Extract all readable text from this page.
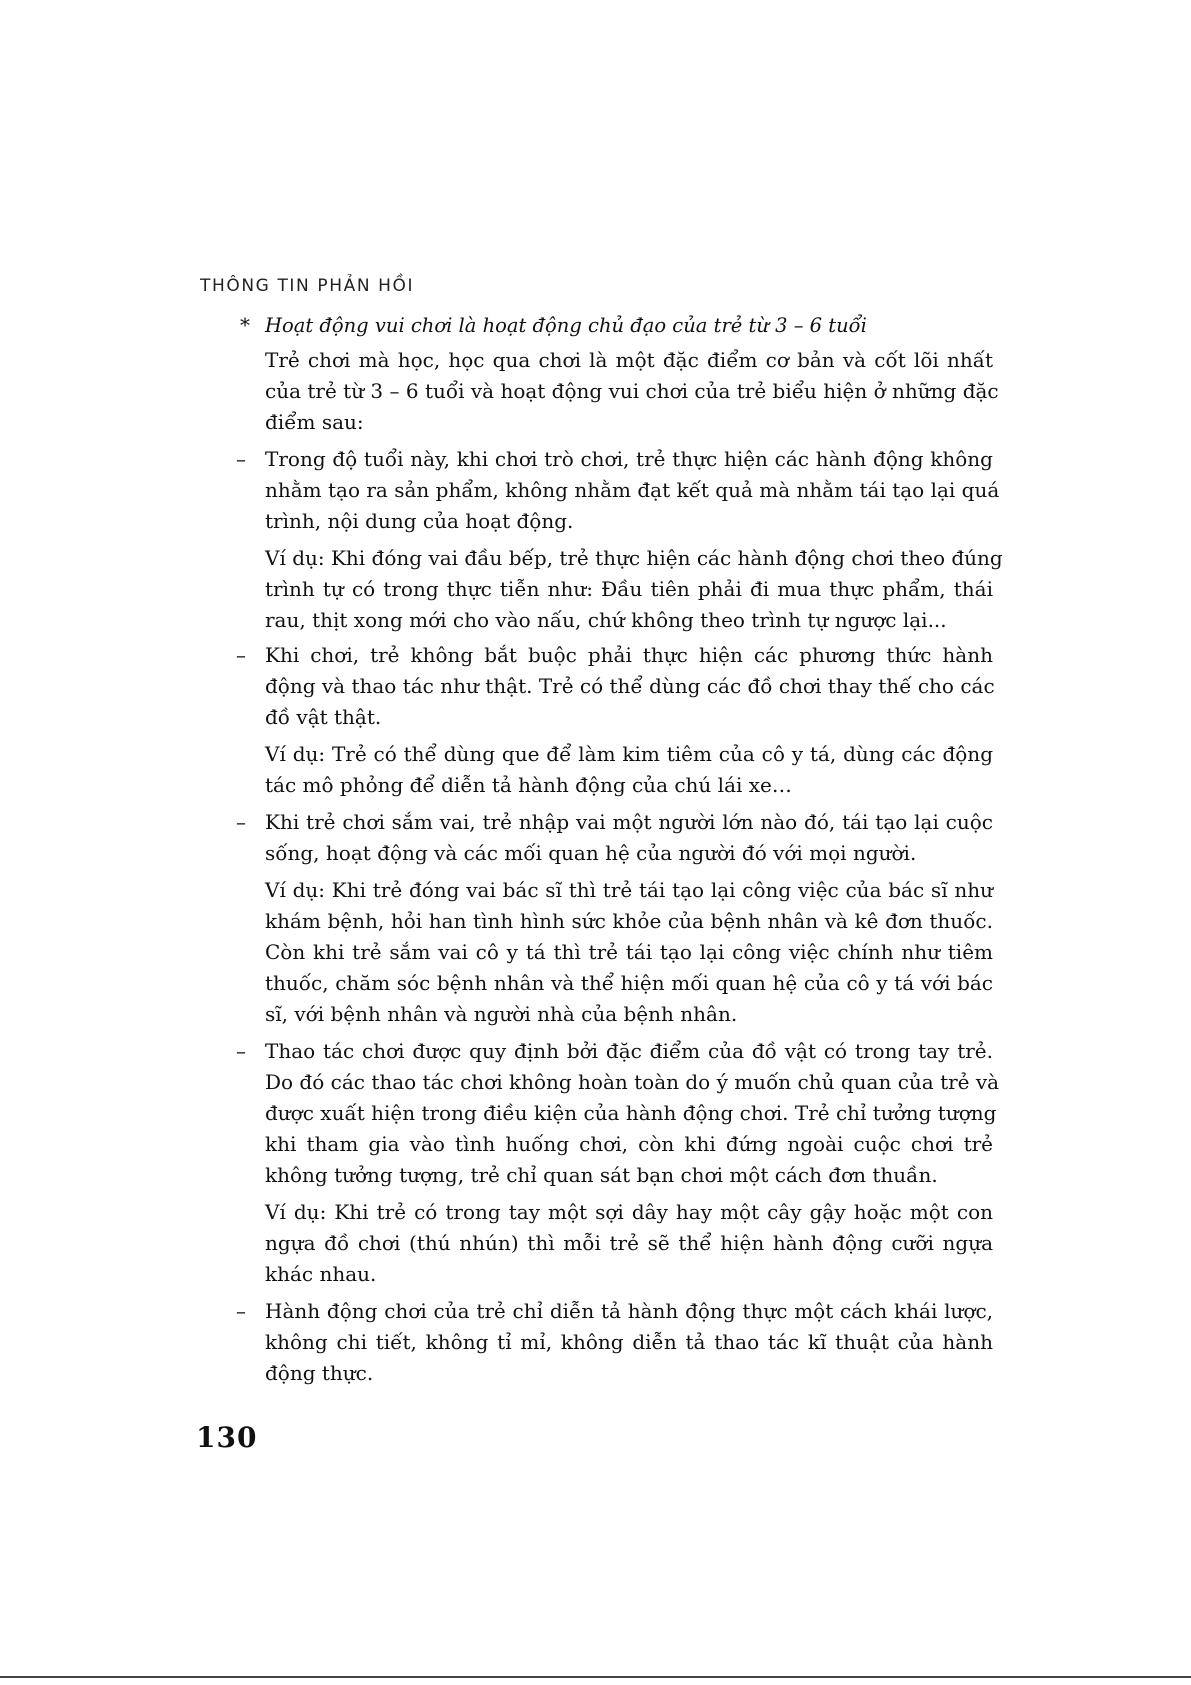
THÔNG TIN PHẢN HỒI
* Hoạt động vui chơi là hoạt động chủ đạo của trẻ từ 3 – 6 tuổi
Trẻ chơi mà học, học qua chơi là một đặc điểm cơ bản và cốt lõi nhất
của trẻ từ 3 – 6 tuổi và hoạt động vui chơi của trẻ biểu hiện ở những đặc
điểm sau:
– Trong độ tuổi này, khi chơi trò chơi, trẻ thực hiện các hành động không
nhằm tạo ra sản phẩm, không nhằm đạt kết quả mà nhằm tái tạo lại quá
trình, nội dung của hoạt động.
Ví dụ: Khi đóng vai đầu bếp, trẻ thực hiện các hành động chơi theo đúng
trình tự có trong thực tiễn như: Đầu tiên phải đi mua thực phẩm, thái
rau, thịt xong mới cho vào nấu, chứ không theo trình tự ngược lại...
– Khi chơi, trẻ không bắt buộc phải thực hiện các phương thức hành
động và thao tác như thật. Trẻ có thể dùng các đồ chơi thay thế cho các
đồ vật thật.
Ví dụ: Trẻ có thể dùng que để làm kim tiêm của cô y tá, dùng các động
tác mô phỏng để diễn tả hành động của chú lái xe…
– Khi trẻ chơi sắm vai, trẻ nhập vai một người lớn nào đó, tái tạo lại cuộc
sống, hoạt động và các mối quan hệ của người đó với mọi người.
Ví dụ: Khi trẻ đóng vai bác sĩ thì trẻ tái tạo lại công việc của bác sĩ như
khám bệnh, hỏi han tình hình sức khỏe của bệnh nhân và kê đơn thuốc.
Còn khi trẻ sắm vai cô y tá thì trẻ tái tạo lại công việc chính như tiêm
thuốc, chăm sóc bệnh nhân và thể hiện mối quan hệ của cô y tá với bác
sĩ, với bệnh nhân và người nhà của bệnh nhân.
– Thao tác chơi được quy định bởi đặc điểm của đồ vật có trong tay trẻ.
Do đó các thao tác chơi không hoàn toàn do ý muốn chủ quan của trẻ và
được xuất hiện trong điều kiện của hành động chơi. Trẻ chỉ tưởng tượng
khi tham gia vào tình huống chơi, còn khi đứng ngoài cuộc chơi trẻ
không tưởng tượng, trẻ chỉ quan sát bạn chơi một cách đơn thuần.
Ví dụ: Khi trẻ có trong tay một sợi dây hay một cây gậy hoặc một con
ngựa đồ chơi (thú nhún) thì mỗi trẻ sẽ thể hiện hành động cưỡi ngựa
khác nhau.
– Hành động chơi của trẻ chỉ diễn tả hành động thực một cách khái lược,
không chi tiết, không tỉ mỉ, không diễn tả thao tác kĩ thuật của hành
động thực.
130
